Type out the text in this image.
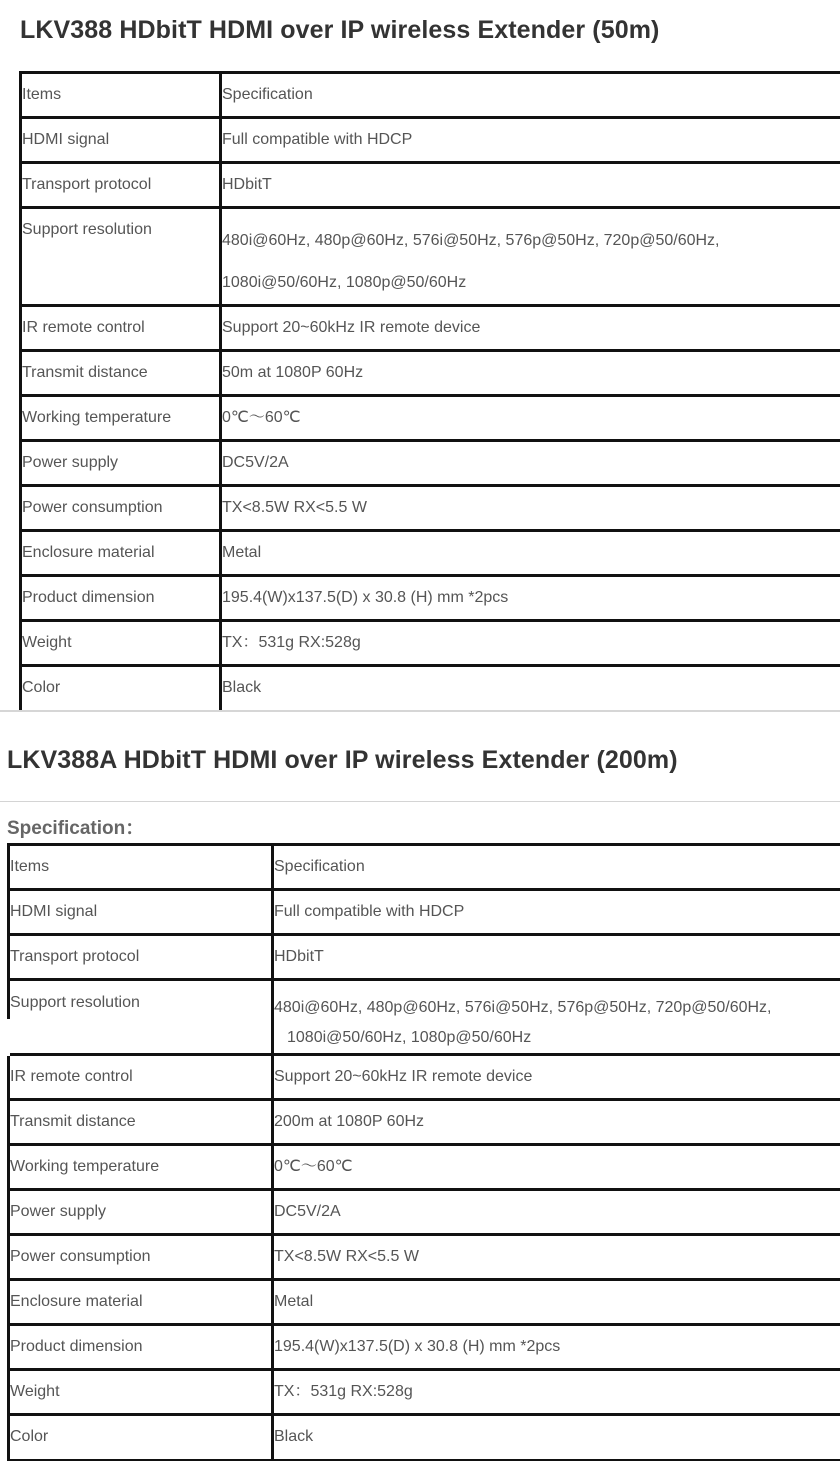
LKV388 HDbitT HDMI over IP wireless Extender (50m)
Items	Specification
HDMI signal	Full compatible with HDCP
Transport protocol	HDbitT
Support resolution	480i@60Hz, 480p@60Hz, 576i@50Hz, 576p@50Hz, 720p@50/60Hz,
1080i@50/60Hz, 1080p@50/60Hz

IR remote control	Support 20~60kHz IR remote device
Transmit distance	50m at 1080P 60Hz
Working temperature	0℃～60℃
Power supply	DC5V/2A
Power consumption	TX<8.5W RX<5.5 W
Enclosure material	Metal
Product dimension	195.4(W)x137.5(D) x 30.8 (H) mm *2pcs
Weight	TX：531g RX:528g
Color	Black
LKV388A HDbitT HDMI over IP wireless Extender (200m)
Specification：
Items	Specification
HDMI signal	Full compatible with HDCP
Transport protocol	HDbitT
Support resolution	480i@60Hz, 480p@60Hz, 576i@50Hz, 576p@50Hz, 720p@50/60Hz,
1080i@50/60Hz, 1080p@50/60Hz

IR remote control	Support 20~60kHz IR remote device
Transmit distance	200m at 1080P 60Hz
Working temperature	0℃～60℃
Power supply	DC5V/2A
Power consumption	TX<8.5W RX<5.5 W
Enclosure material	Metal
Product dimension	195.4(W)x137.5(D) x 30.8 (H) mm *2pcs
Weight	TX：531g RX:528g
Color	Black
